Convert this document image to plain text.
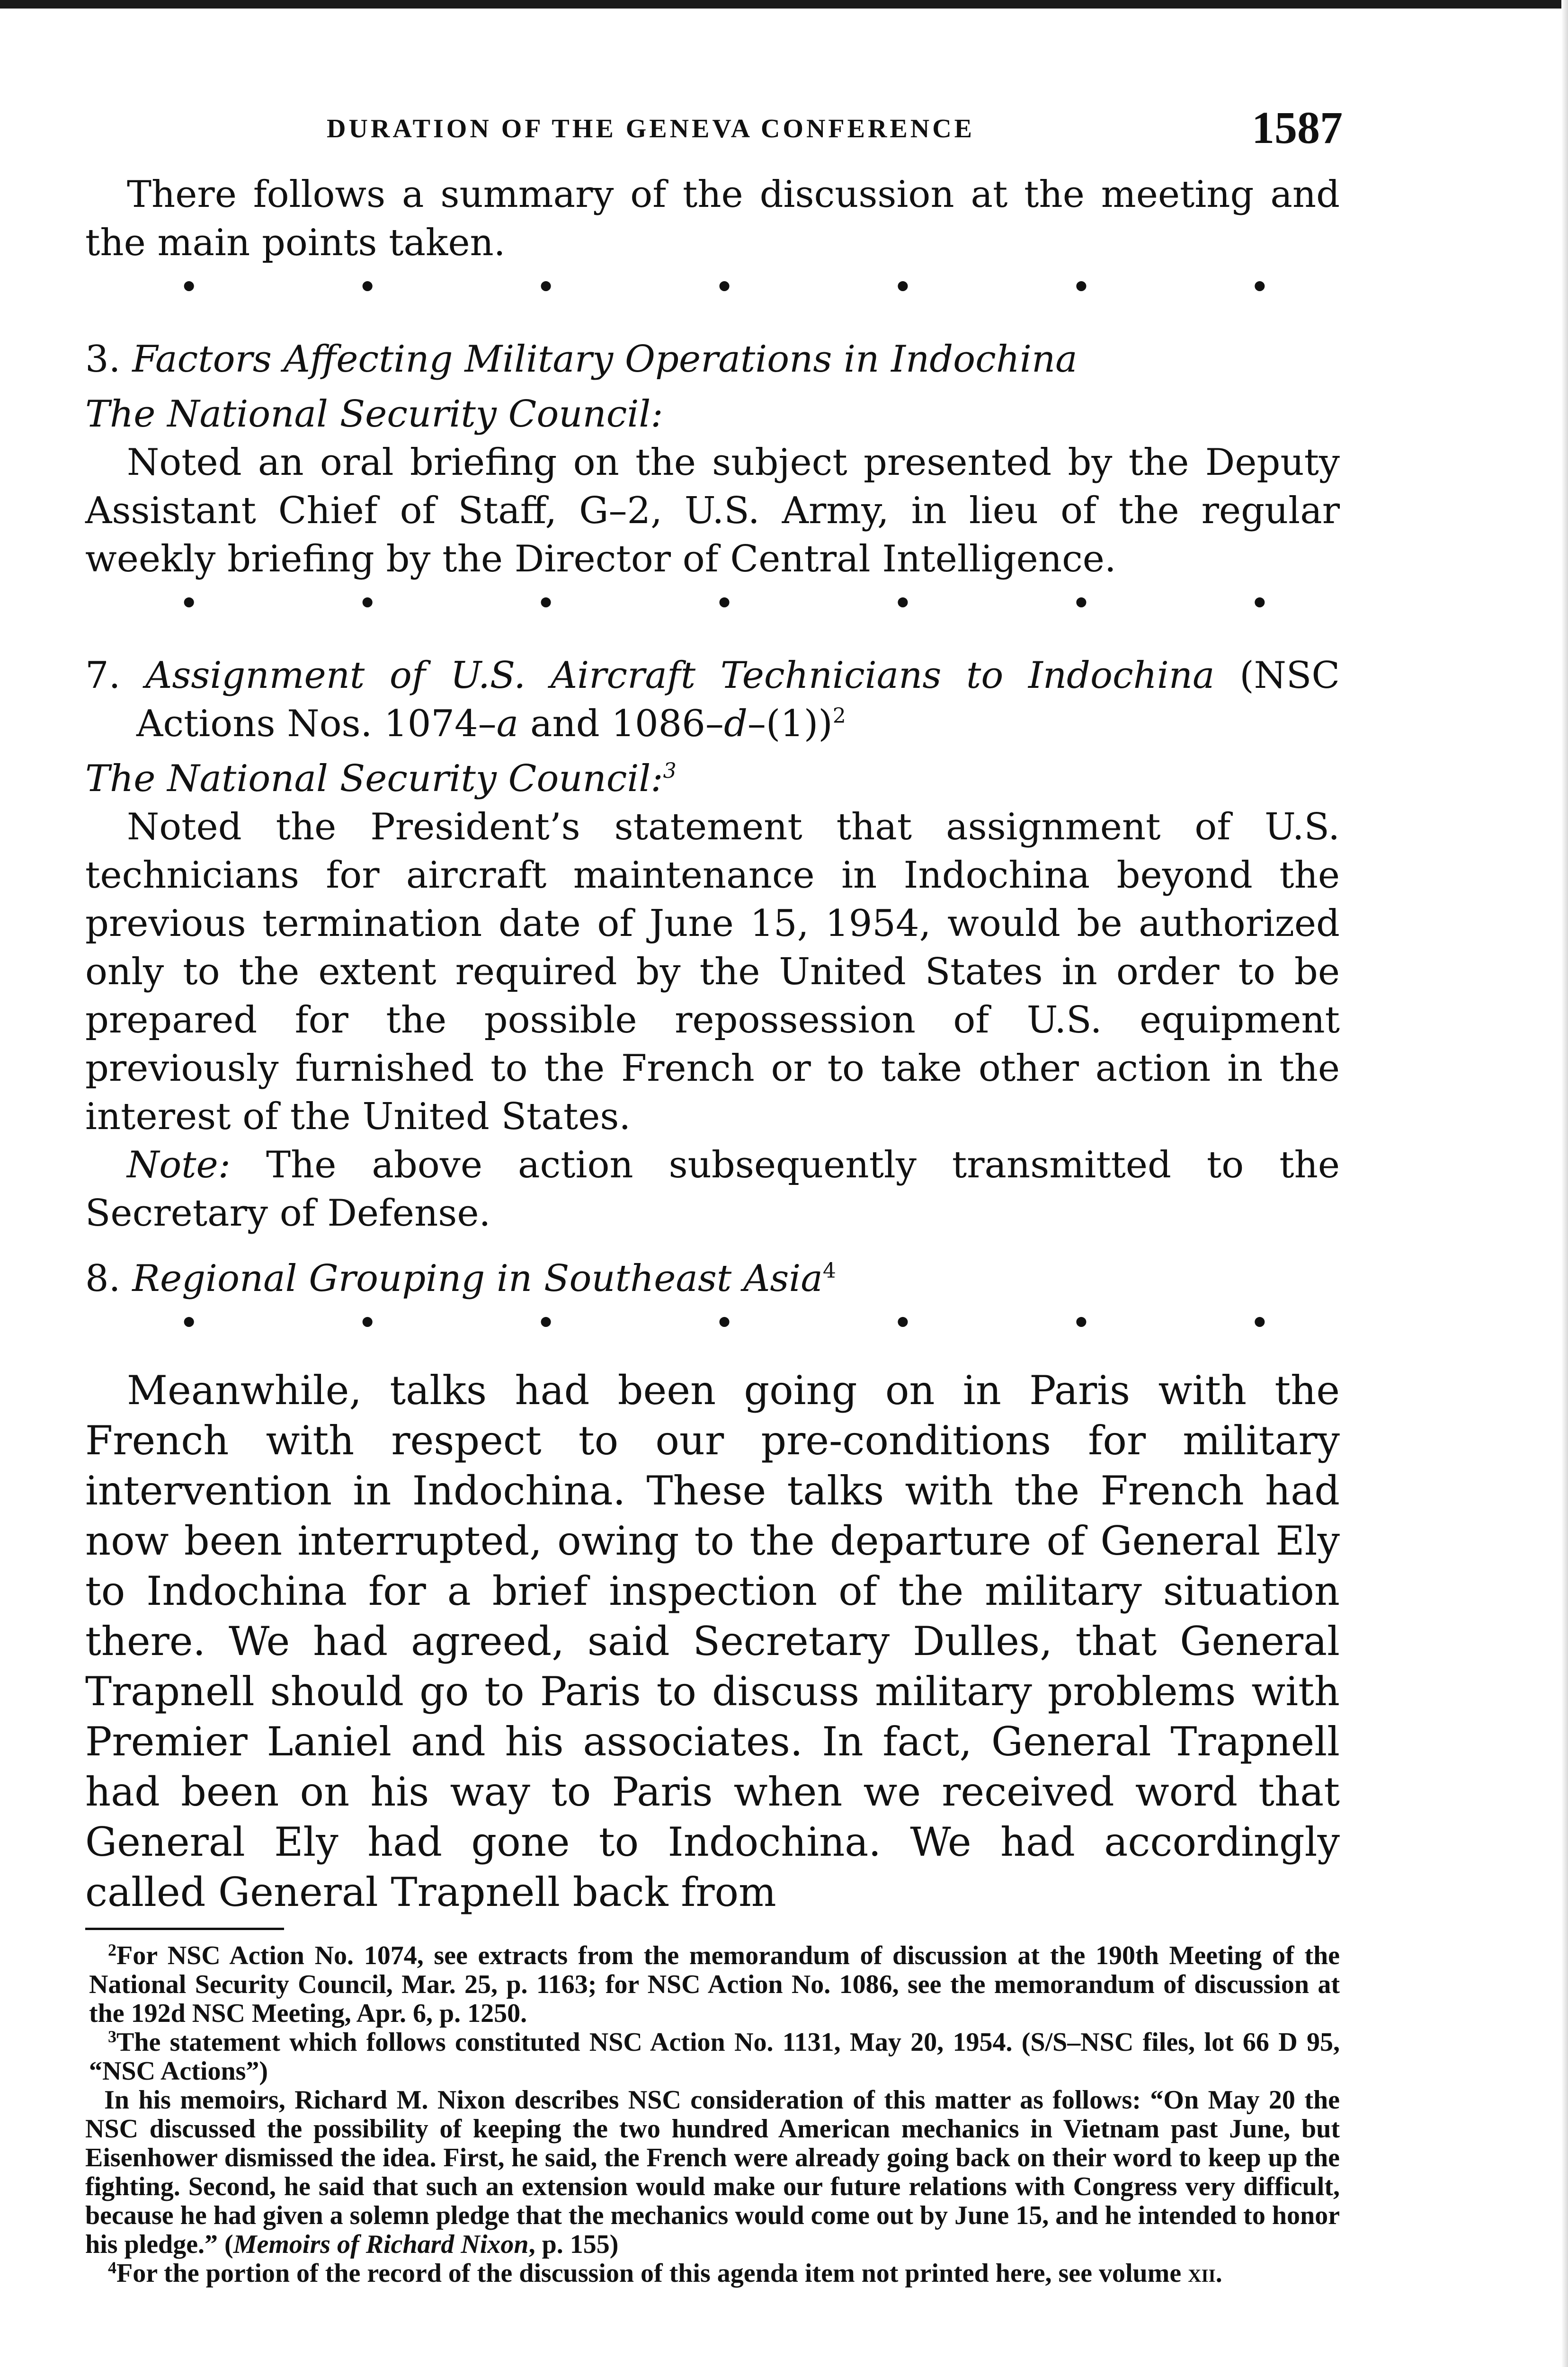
DURATION OF THE GENEVA CONFERENCE	1587

There follows a summary of the discussion at the meeting and the main points taken.

•	•	•	•	•	•	•

3. Factors Affecting Military Operations in Indochina

The National Security Council:

Noted an oral briefing on the subject presented by the Deputy Assistant Chief of Staff, G–2, U.S. Army, in lieu of the regular weekly briefing by the Director of Central Intelligence.

•	•	•	•	•	•	•

7. Assignment of U.S. Aircraft Technicians to Indochina (NSC Actions Nos. 1074–a and 1086–d–(1))$^2$

The National Security Council:$^3$

Noted the President’s statement that assignment of U.S. technicians for aircraft maintenance in Indochina beyond the previous termination date of June 15, 1954, would be authorized only to the extent required by the United States in order to be prepared for the possible repossession of U.S. equipment previously furnished to the French or to take other action in the interest of the United States.

Note: The above action subsequently transmitted to the Secretary of Defense.

8. Regional Grouping in Southeast Asia$^4$

•	•	•	•	•	•	•

Meanwhile, talks had been going on in Paris with the French with respect to our pre-conditions for military intervention in Indochina. These talks with the French had now been interrupted, owing to the departure of General Ely to Indochina for a brief inspection of the military situation there. We had agreed, said Secretary Dulles, that General Trapnell should go to Paris to discuss military problems with Premier Laniel and his associates. In fact, General Trapnell had been on his way to Paris when we received word that General Ely had gone to Indochina. We had accordingly called General Trapnell back from

$^2$For NSC Action No. 1074, see extracts from the memorandum of discussion at the 190th Meeting of the National Security Council, Mar. 25, p. 1163; for NSC Action No. 1086, see the memorandum of discussion at the 192d NSC Meeting, Apr. 6, p. 1250.

$^3$The statement which follows constituted NSC Action No. 1131, May 20, 1954. (S/S–NSC files, lot 66 D 95, “NSC Actions”)

In his memoirs, Richard M. Nixon describes NSC consideration of this matter as follows: “On May 20 the NSC discussed the possibility of keeping the two hundred American mechanics in Vietnam past June, but Eisenhower dismissed the idea. First, he said, the French were already going back on their word to keep up the fighting. Second, he said that such an extension would make our future relations with Congress very difficult, because he had given a solemn pledge that the mechanics would come out by June 15, and he intended to honor his pledge.” (Memoirs of Richard Nixon, p. 155)

$^4$For the portion of the record of the discussion of this agenda item not printed here, see volume xii.
